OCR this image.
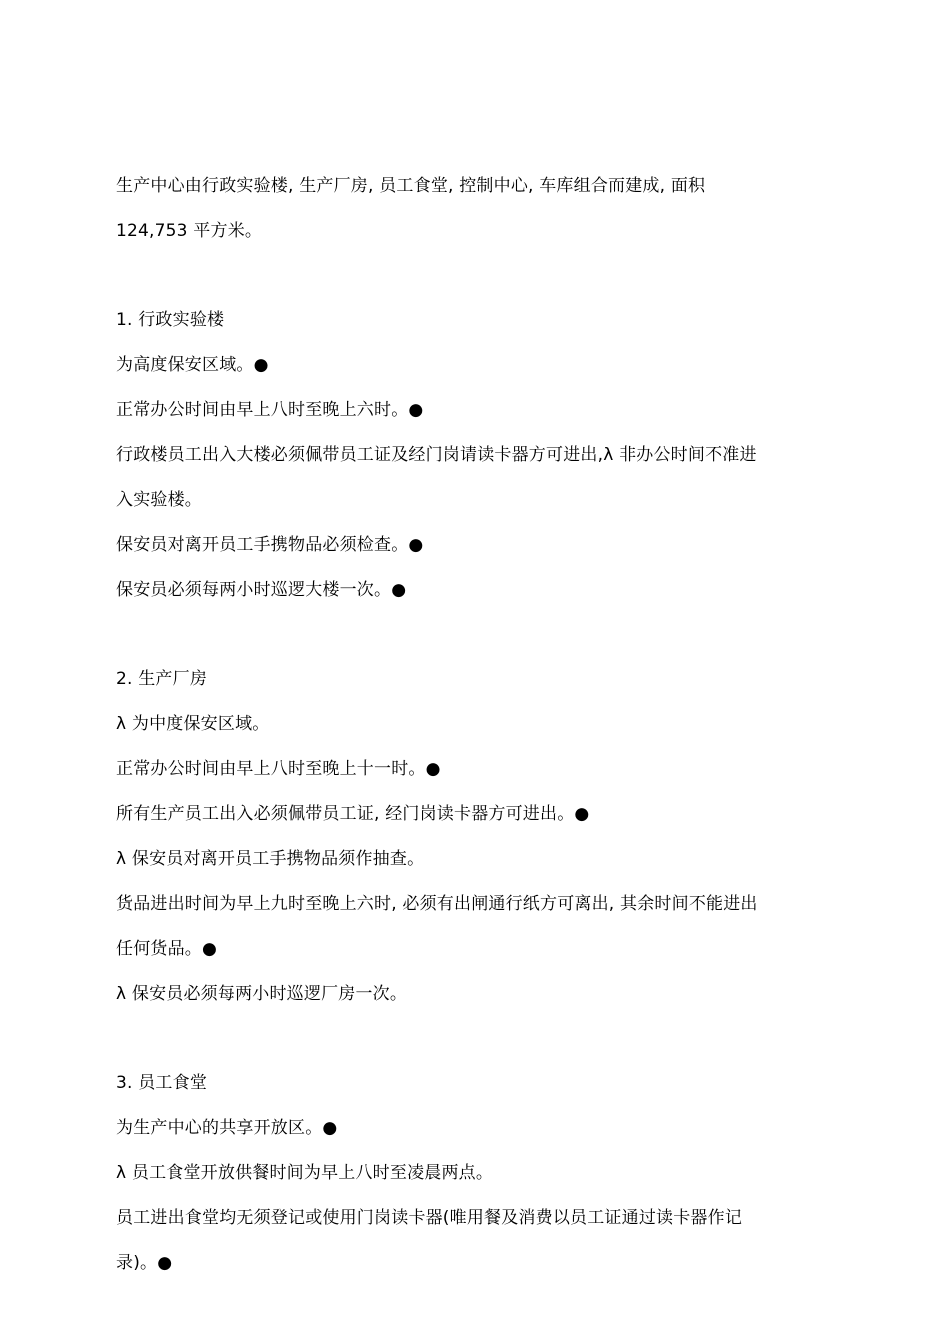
生产中心由行政实验楼, 生产厂房, 员工食堂, 控制中心, 车库组合而建成, 面积
124,753 平方米。
1. 行政实验楼
为高度保安区域。●
正常办公时间由早上八时至晚上六时。●
行政楼员工出入大楼必须佩带员工证及经门岗请读卡器方可进出,λ 非办公时间不准进
入实验楼。
保安员对离开员工手携物品必须检查。●
保安员必须每两小时巡逻大楼一次。●
2. 生产厂房
λ 为中度保安区域。
正常办公时间由早上八时至晚上十一时。●
所有生产员工出入必须佩带员工证, 经门岗读卡器方可进出。●
λ 保安员对离开员工手携物品须作抽查。
货品进出时间为早上九时至晚上六时, 必须有出闸通行纸方可离出, 其余时间不能进出
任何货品。●
λ 保安员必须每两小时巡逻厂房一次。
3. 员工食堂
为生产中心的共享开放区。●
λ 员工食堂开放供餐时间为早上八时至凌晨两点。
员工进出食堂均无须登记或使用门岗读卡器(唯用餐及消费以员工证通过读卡器作记
录)。●
